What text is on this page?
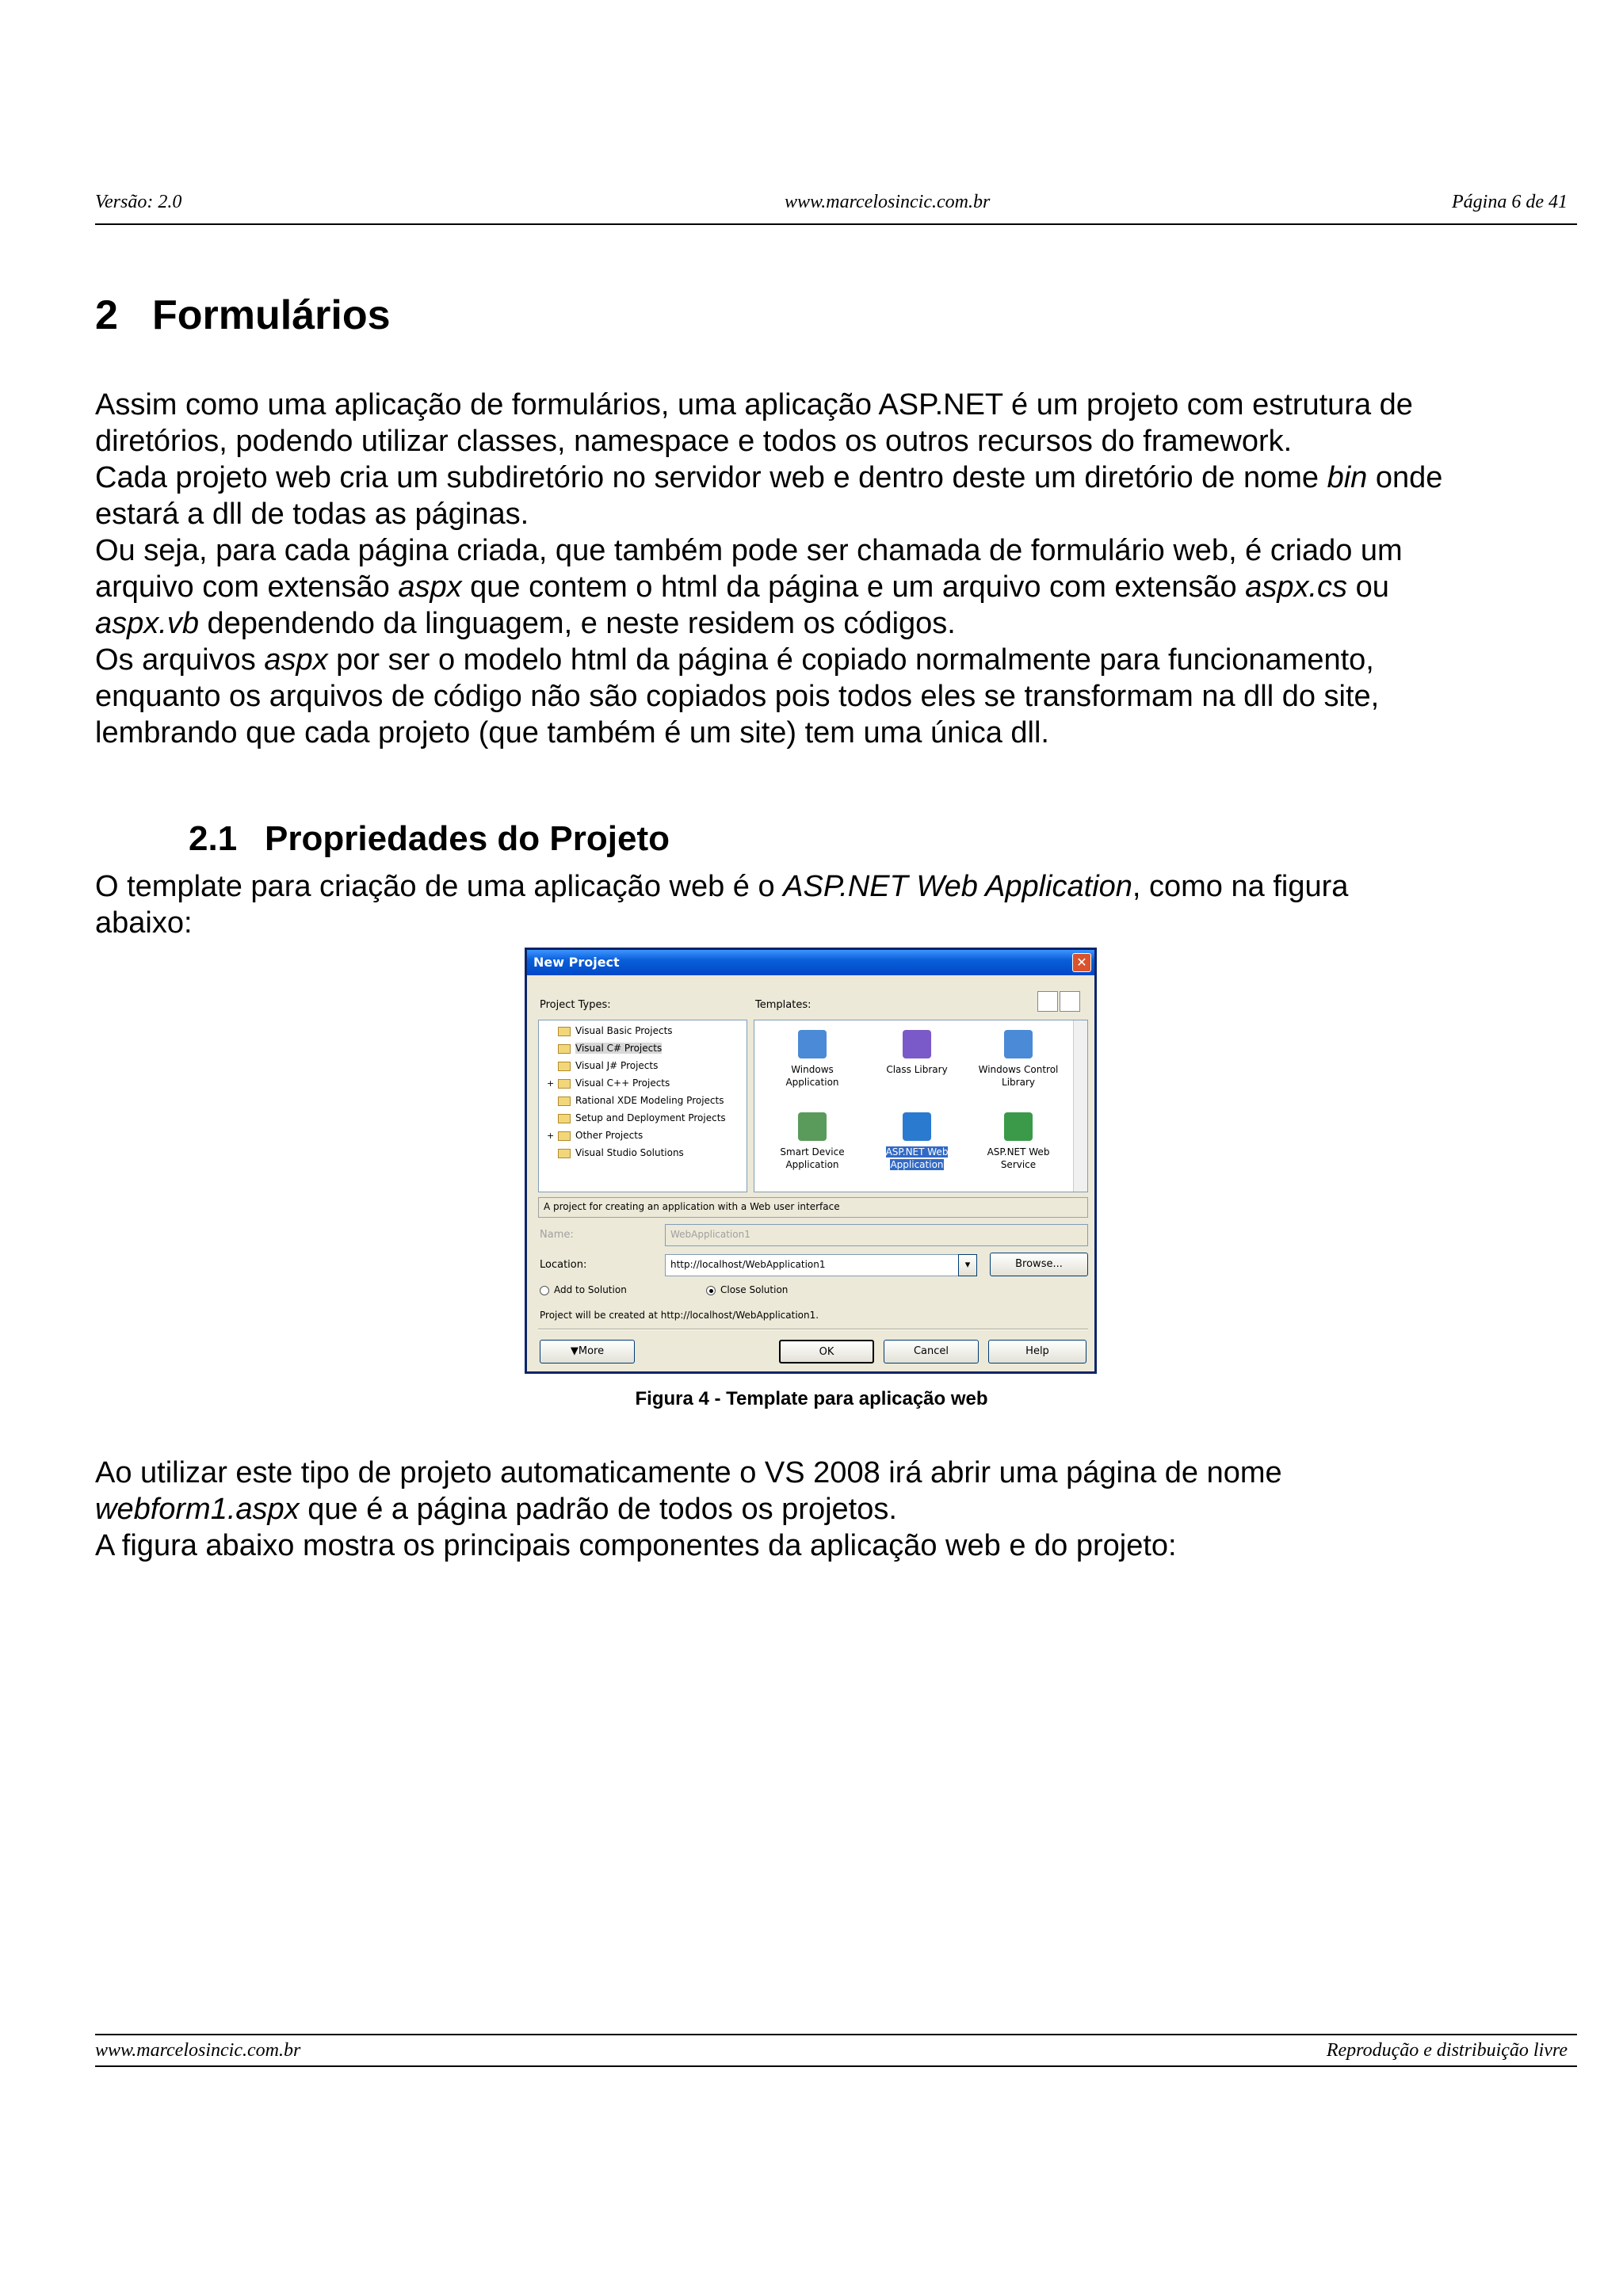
Versão: 2.0	www.marcelosincic.com.br	Página 6 de 41
2 Formulários
Assim como uma aplicação de formulários, uma aplicação ASP.NET é um projeto com estrutura de
diretórios, podendo utilizar classes, namespace e todos os outros recursos do framework.
Cada projeto web cria um subdiretório no servidor web e dentro deste um diretório de nome bin onde
estará a dll de todas as páginas.
Ou seja, para cada página criada, que também pode ser chamada de formulário web, é criado um
arquivo com extensão aspx que contem o html da página e um arquivo com extensão aspx.cs ou
aspx.vb dependendo da linguagem, e neste residem os códigos.
Os arquivos aspx por ser o modelo html da página é copiado normalmente para funcionamento,
enquanto os arquivos de código não são copiados pois todos eles se transformam na dll do site,
lembrando que cada projeto (que também é um site) tem uma única dll.
2.1 Propriedades do Projeto
O template para criação de uma aplicação web é o ASP.NET Web Application, como na figura
abaixo:
New Project	✕
Project Types:	Templates:
Visual Basic Projects
Visual C# Projects
Visual J# Projects
+ Visual C++ Projects
Rational XDE Modeling Projects
Setup and Deployment Projects
+ Other Projects
Visual Studio Solutions
Windows Application
Class Library	Windows Control Library
Smart Device Application
ASP.NET Web Application
ASP.NET Web Service
A project for creating an application with a Web user interface
Name:	WebApplication1
Location:	http://localhost/WebApplication1	▾	Browse...
Add to Solution	Close Solution
Project will be created at http://localhost/WebApplication1.
▼More	OK	Cancel	Help
Figura 4 - Template para aplicação web
Ao utilizar este tipo de projeto automaticamente o VS 2008 irá abrir uma página de nome
webform1.aspx que é a página padrão de todos os projetos.
A figura abaixo mostra os principais componentes da aplicação web e do projeto:
www.marcelosincic.com.br	Reprodução e distribuição livre
